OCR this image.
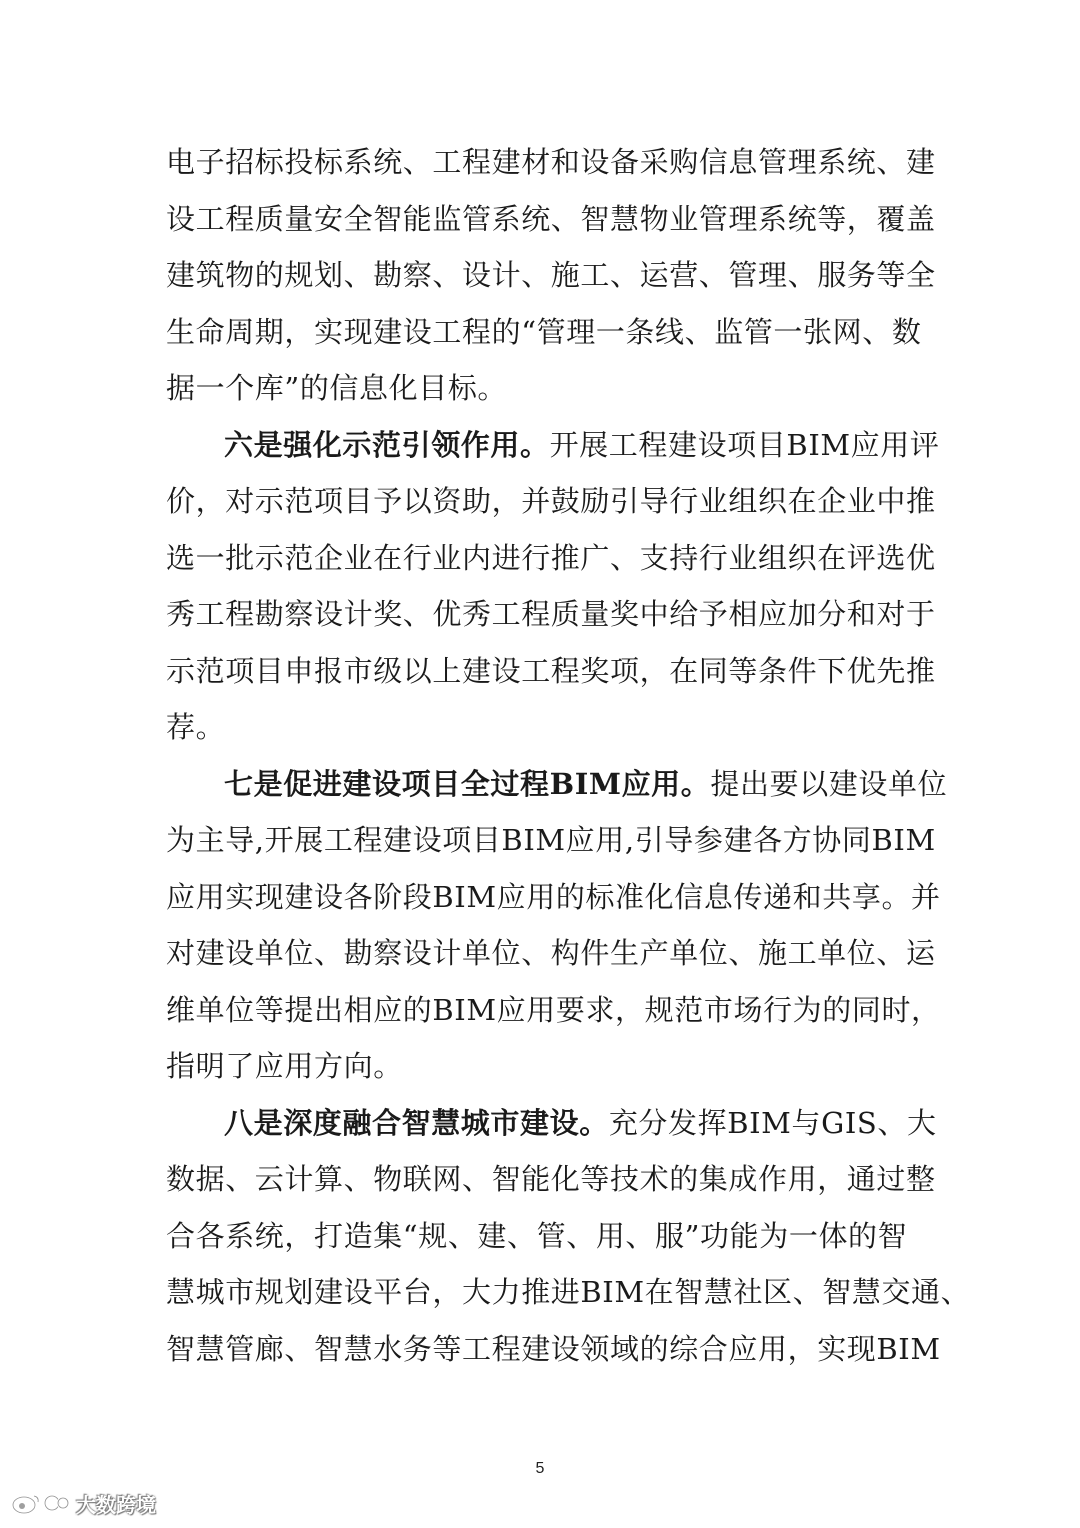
电子招标投标系统、工程建材和设备采购信息管理系统、建
设工程质量安全智能监管系统、智慧物业管理系统等，覆盖
建筑物的规划、勘察、设计、施工、运营、管理、服务等全
生命周期，实现建设工程的“管理一条线、监管一张网、数
据一个库”的信息化目标。
六是强化示范引领作用。开展工程建设项目BIM应用评
价，对示范项目予以资助，并鼓励引导行业组织在企业中推
选一批示范企业在行业内进行推广、支持行业组织在评选优
秀工程勘察设计奖、优秀工程质量奖中给予相应加分和对于
示范项目申报市级以上建设工程奖项，在同等条件下优先推
荐。
七是促进建设项目全过程BIM应用。提出要以建设单位
为主导,开展工程建设项目BIM应用,引导参建各方协同BIM
应用实现建设各阶段BIM应用的标准化信息传递和共享。并
对建设单位、勘察设计单位、构件生产单位、施工单位、运
维单位等提出相应的BIM应用要求，规范市场行为的同时，
指明了应用方向。
八是深度融合智慧城市建设。充分发挥BIM与GIS、大
数据、云计算、物联网、智能化等技术的集成作用，通过整
合各系统，打造集“规、建、管、用、服”功能为一体的智
慧城市规划建设平台，大力推进BIM在智慧社区、智慧交通、
智慧管廊、智慧水务等工程建设领域的综合应用，实现BIM
5
大数跨境
